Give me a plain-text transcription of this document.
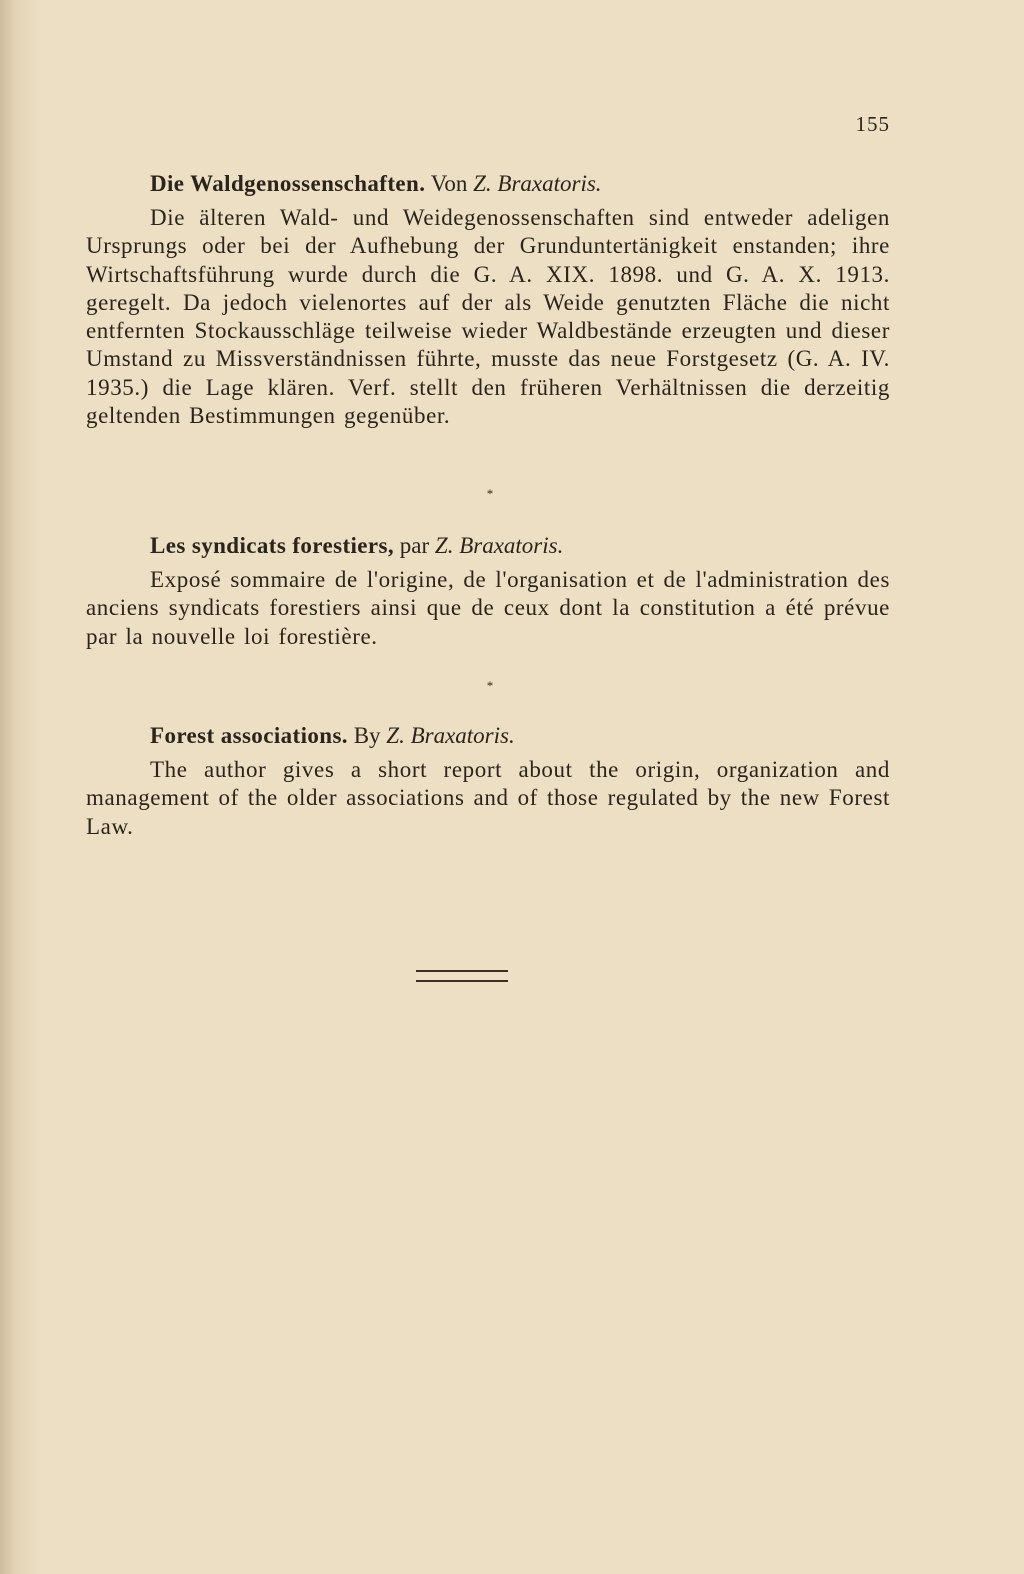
155
Die Waldgenossenschaften. Von Z. Braxatoris.

Die älteren Wald- und Weidegenossenschaften sind entweder adeligen Ursprungs oder bei der Aufhebung der Grunduntertänigkeit enstanden; ihre Wirtschaftsführung wurde durch die G. A. XIX. 1898. und G. A. X. 1913. geregelt. Da jedoch vielenortes auf der als Weide genutzten Fläche die nicht entfernten Stockausschläge teilweise wieder Waldbestände erzeugten und dieser Umstand zu Missverständnissen führte, musste das neue Forstgesetz (G. A. IV. 1935.) die Lage klären. Verf. stellt den früheren Verhältnissen die derzeitig geltenden Bestimmungen gegenüber.

*
Les syndicats forestiers, par Z. Braxatoris.

Exposé sommaire de l'origine, de l'organisation et de l'administration des anciens syndicats forestiers ainsi que de ceux dont la constitution a été prévue par la nouvelle loi forestière.

*
Forest associations. By Z. Braxatoris.

The author gives a short report about the origin, organization and management of the older associations and of those regulated by the new Forest Law.
